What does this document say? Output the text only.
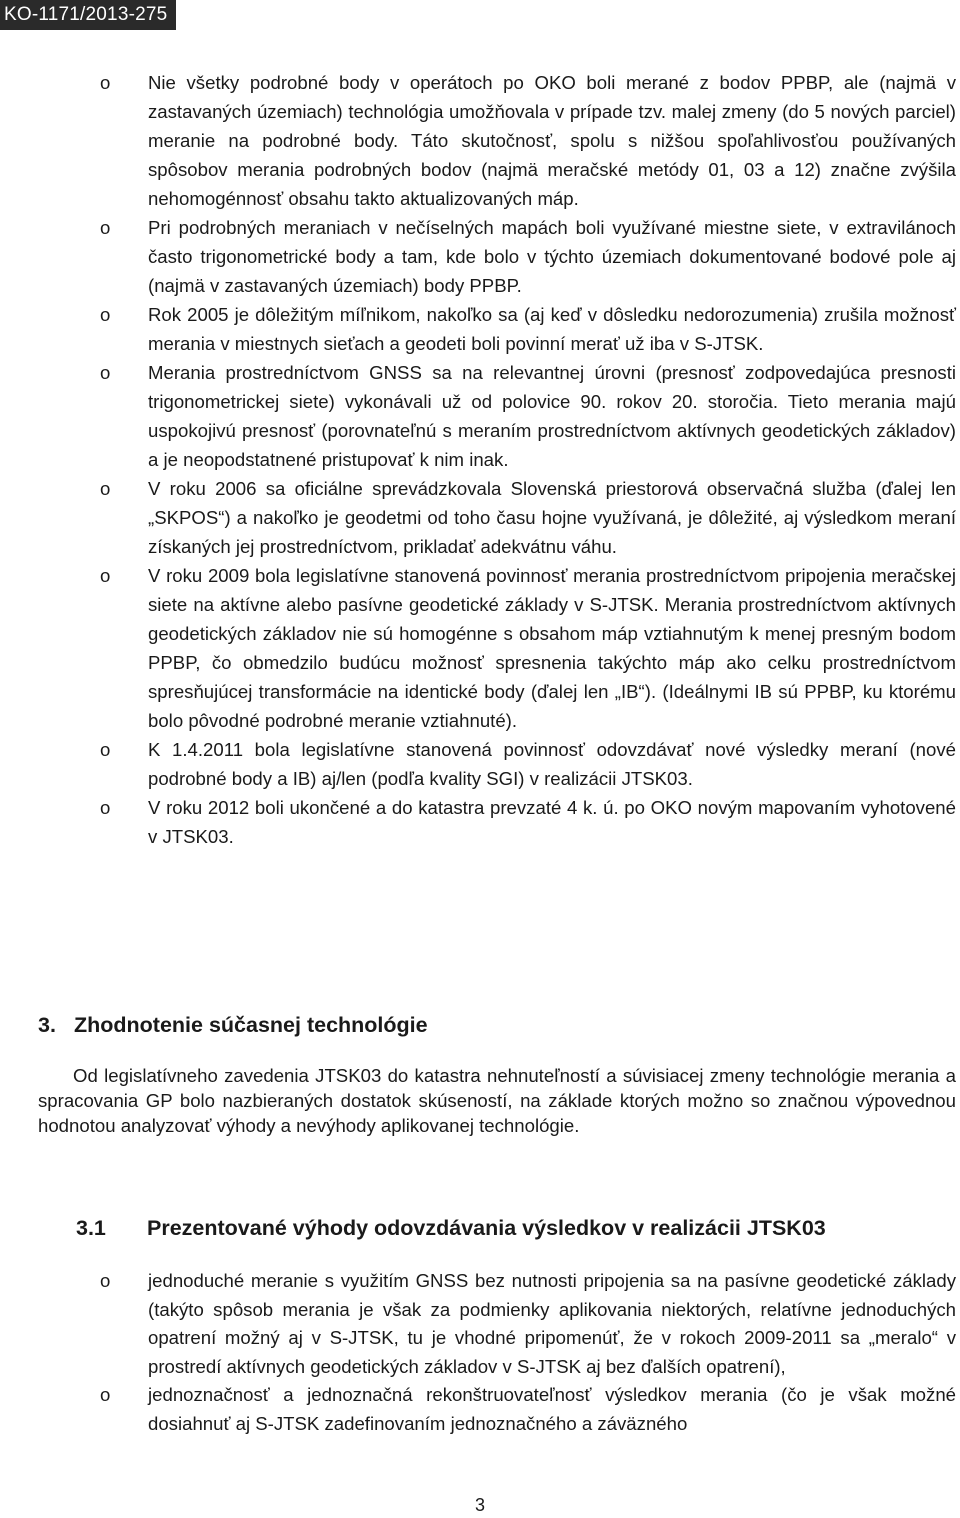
KO-1171/2013-275
o Nie všetky podrobné body v operátoch po OKO boli merané z bodov PPBP, ale (najmä v zastavaných územiach) technológia umožňovala v prípade tzv. malej zmeny (do 5 nových parciel) meranie na podrobné body. Táto skutočnosť, spolu s nižšou spoľahlivosťou používaných spôsobov merania podrobných bodov (najmä meračské metódy 01, 03 a 12) značne zvýšila nehomogénnosť obsahu takto aktualizovaných máp.
o Pri podrobných meraniach v nečíselných mapách boli využívané miestne siete, v extravilánoch často trigonometrické body a tam, kde bolo v týchto územiach dokumentované bodové pole aj (najmä v zastavaných územiach) body PPBP.
o Rok 2005 je dôležitým míľnikom, nakoľko sa (aj keď v dôsledku nedorozumenia) zrušila možnosť merania v miestnych sieťach a geodeti boli povinní merať už iba v S-JTSK.
o Merania prostredníctvom GNSS sa na relevantnej úrovni (presnosť zodpovedajúca presnosti trigonometrickej siete) vykonávali už od polovice 90. rokov 20. storočia. Tieto merania majú uspokojivú presnosť (porovnateľnú s meraním prostredníctvom aktívnych geodetických základov) a je neopodstatnené pristupovať k nim inak.
o V roku 2006 sa oficiálne sprevádzkovala Slovenská priestorová observačná služba (ďalej len „SKPOS“) a nakoľko je geodetmi od toho času hojne využívaná, je dôležité, aj výsledkom meraní získaných jej prostredníctvom, prikladať adekvátnu váhu.
o V roku 2009 bola legislatívne stanovená povinnosť merania prostredníctvom pripojenia meračskej siete na aktívne alebo pasívne geodetické základy v S-JTSK. Merania prostredníctvom aktívnych geodetických základov nie sú homogénne s obsahom máp vztiahnutým k menej presným bodom PPBP, čo obmedzilo budúcu možnosť spresnenia takýchto máp ako celku prostredníctvom spresňujúcej transformácie na identické body (ďalej len „IB“). (Ideálnymi IB sú PPBP, ku ktorému bolo pôvodné podrobné meranie vztiahnuté).
o K 1.4.2011 bola legislatívne stanovená povinnosť odovzdávať nové výsledky meraní (nové podrobné body a IB) aj/len (podľa kvality SGI) v realizácii JTSK03.
o V roku 2012 boli ukončené a do katastra prevzaté 4 k. ú. po OKO novým mapovaním vyhotovené v JTSK03.
3. Zhodnotenie súčasnej technológie

Od legislatívneho zavedenia JTSK03 do katastra nehnuteľností a súvisiacej zmeny technológie merania a spracovania GP bolo nazbieraných dostatok skúseností, na základe ktorých možno so značnou výpovednou hodnotou analyzovať výhody a nevýhody aplikovanej technológie.

3.1 Prezentované výhody odovzdávania výsledkov v realizácii JTSK03
o jednoduché meranie s využitím GNSS bez nutnosti pripojenia sa na pasívne geodetické základy (takýto spôsob merania je však za podmienky aplikovania niektorých, relatívne jednoduchých opatrení možný aj v S-JTSK, tu je vhodné pripomenúť, že v rokoch 2009-2011 sa „meralo“ v prostredí aktívnych geodetických základov v S-JTSK aj bez ďalších opatrení),
o jednoznačnosť a jednoznačná rekonštruovateľnosť výsledkov merania (čo je však možné dosiahnuť aj S-JTSK zadefinovaním jednoznačného a záväzného
3
